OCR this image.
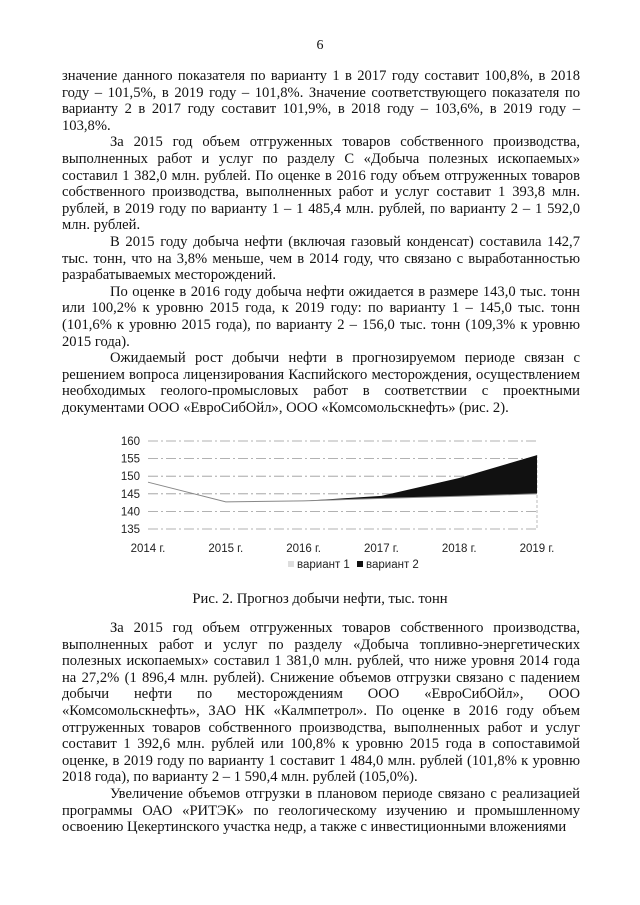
6

значение данного показателя по варианту 1 в 2017 году составит 100,8%, в 2018 году – 101,5%, в 2019 году – 101,8%. Значение соответствующего показателя по варианту 2 в 2017 году составит 101,9%, в 2018 году – 103,6%, в 2019 году – 103,8%.

За 2015 год объем отгруженных товаров собственного производства, выполненных работ и услуг по разделу С «Добыча полезных ископаемых» составил 1 382,0 млн. рублей. По оценке в 2016 году объем отгруженных товаров собственного производства, выполненных работ и услуг составит 1 393,8 млн. рублей, в 2019 году по варианту 1 – 1 485,4 млн. рублей, по варианту 2 – 1 592,0 млн. рублей.

В 2015 году добыча нефти (включая газовый конденсат) составила 142,7 тыс. тонн, что на 3,8% меньше, чем в 2014 году, что связано с выработанностью разрабатываемых месторождений.

По оценке в 2016 году добыча нефти ожидается в размере 143,0 тыс. тонн или 100,2% к уровню 2015 года, к 2019 году: по варианту 1 – 145,0 тыс. тонн (101,6% к уровню 2015 года), по варианту 2 – 156,0 тыс. тонн (109,3% к уровню 2015 года).

Ожидаемый рост добычи нефти в прогнозируемом периоде связан с решением вопроса лицензирования Каспийского месторождения, осуществлением необходимых геолого-промысловых работ в соответствии с проектными документами ООО «ЕвроСибОйл», ООО «Комсомольскнефть» (рис. 2).

135
140
145
150
155
160
2014 г.	2015 г.	2016 г.	2017 г.	2018 г.	2019 г.
вариант 1 вариант 2
Рис. 2. Прогноз добычи нефти, тыс. тонн

За 2015 год объем отгруженных товаров собственного производства, выполненных работ и услуг по разделу «Добыча топливно-энергетических полезных ископаемых» составил 1 381,0 млн. рублей, что ниже уровня 2014 года на 27,2% (1 896,4 млн. рублей). Снижение объемов отгрузки связано с падением добычи нефти по месторождениям ООО «ЕвроСибОйл», ООО «Комсомольскнефть», ЗАО НК «Калмпетрол». По оценке в 2016 году объем отгруженных товаров собственного производства, выполненных работ и услуг составит 1 392,6 млн. рублей или 100,8% к уровню 2015 года в сопоставимой оценке, в 2019 году по варианту 1 составит 1 484,0 млн. рублей (101,8% к уровню 2018 года), по варианту 2 – 1 590,4 млн. рублей (105,0%).

Увеличение объемов отгрузки в плановом периоде связано с реализацией программы ОАО «РИТЭК» по геологическому изучению и промышленному освоению Цекертинского участка недр, а также с инвестиционными вложениями
